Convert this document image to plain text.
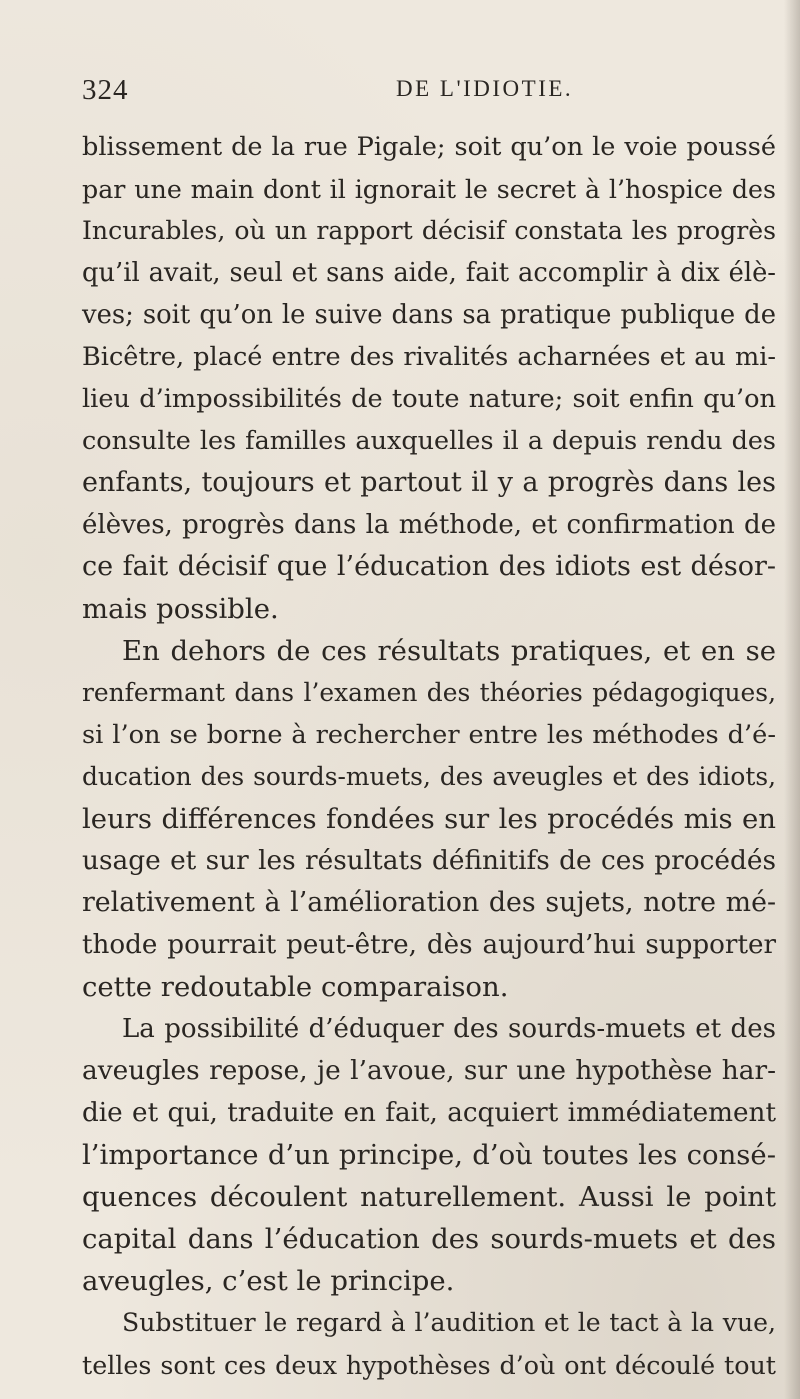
324	DE L'IDIOTIE.
blissement de la rue Pigale; soit qu’on le voie poussé
par une main dont il ignorait le secret à l’hospice des
Incurables, où un rapport décisif constata les progrès
qu’il avait, seul et sans aide, fait accomplir à dix élè-
ves; soit qu’on le suive dans sa pratique publique de
Bicêtre, placé entre des rivalités acharnées et au mi-
lieu d’impossibilités de toute nature; soit enfin qu’on
consulte les familles auxquelles il a depuis rendu des
enfants, toujours et partout il y a progrès dans les
élèves, progrès dans la méthode, et confirmation de
ce fait décisif que l’éducation des idiots est désor-
mais possible.
En dehors de ces résultats pratiques, et en se
renfermant dans l’examen des théories pédagogiques,
si l’on se borne à rechercher entre les méthodes d’é-
ducation des sourds-muets, des aveugles et des idiots,
leurs différences fondées sur les procédés mis en
usage et sur les résultats définitifs de ces procédés
relativement à l’amélioration des sujets, notre mé-
thode pourrait peut-être, dès aujourd’hui supporter
cette redoutable comparaison.
La possibilité d’éduquer des sourds-muets et des
aveugles repose, je l’avoue, sur une hypothèse har-
die et qui, traduite en fait, acquiert immédiatement
l’importance d’un principe, d’où toutes les consé-
quences découlent naturellement. Aussi le point
capital dans l’éducation des sourds-muets et des
aveugles, c’est le principe.
Substituer le regard à l’audition et le tact à la vue,
telles sont ces deux hypothèses d’où ont découlé tout
